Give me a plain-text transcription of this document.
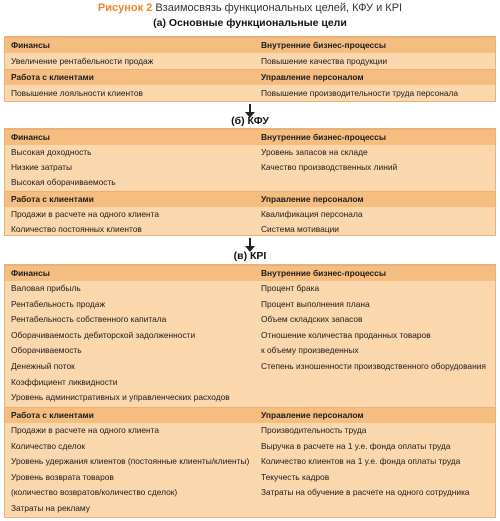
Рисунок 2 Взаимосвязь функциональных целей, КФУ и КРІ
(а) Основные функциональные цели
Финансы
Увеличение рентабельности продаж
Внутренние бизнес-процессы
Повышение качества продукции
Работа с клиентами
Повышение лояльности клиентов
Управление персоналом
Повышение производительности труда персонала
(б) КФУ
Финансы
Высокая доходность
Низкие затраты
Высокая оборачиваемость
Внутренние бизнес-процессы
Уровень запасов на складе
Качество производственных линий
Работа с клиентами
Продажи в расчете на одного клиента
Количество постоянных клиентов
Управление персоналом
Квалификация персонала
Система мотивации
(в) КРІ
Финансы
Валовая прибыль
Рентабельность продаж
Рентабельность собственного капитала
Оборачиваемость дебиторской задолженности
Оборачиваемость
Денежный поток
Коэффициент ликвидности
Уровень административных и управленческих расходов
Внутренние бизнес-процессы
Процент брака
Процент выполнения плана
Объем складских запасов
Отношение количества проданных товаров
к объему произведенных
Степень изношенности производственного оборудования
Работа с клиентами
Продажи в расчете на одного клиента
Количество сделок
Уровень удержания клиентов (постоянные клиенты/клиенты)
Уровень возврата товаров
(количество возвратов/количество сделок)
Затраты на рекламу
Управление персоналом
Производительность труда
Выручка в расчете на 1 у.е. фонда оплаты труда
Количество клиентов на 1 у.е. фонда оплаты труда
Текучесть кадров
Затраты на обучение в расчете на одного сотрудника
